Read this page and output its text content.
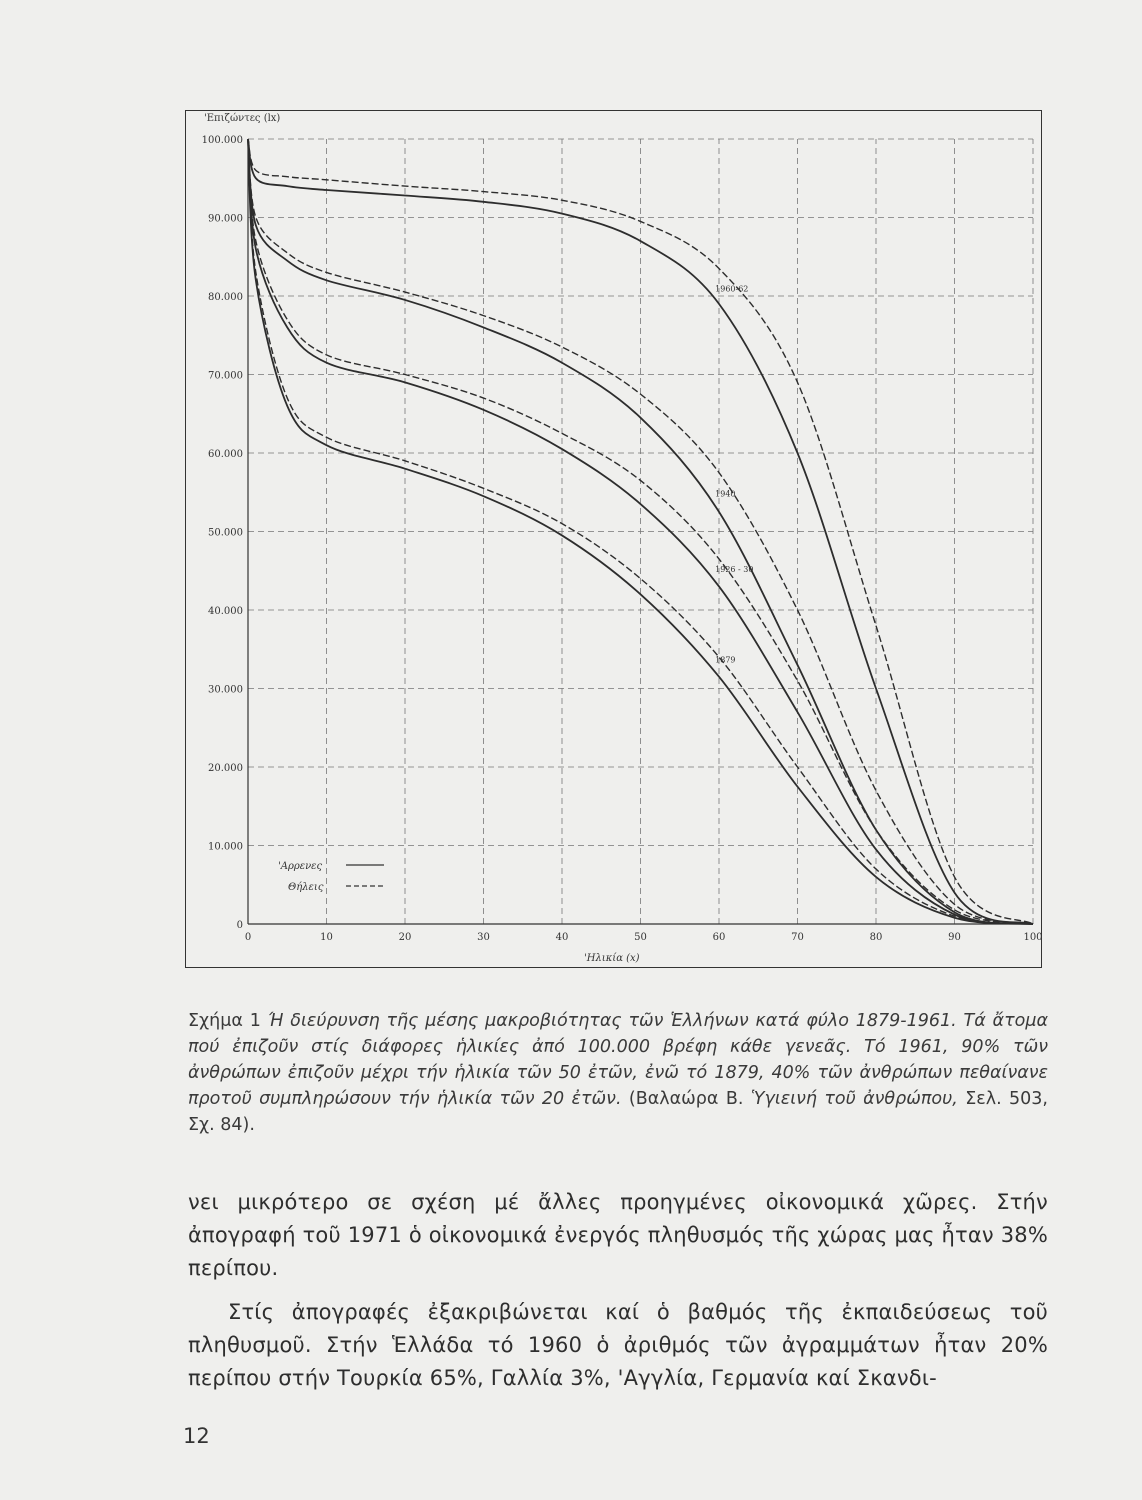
0	10	20	30	40	50	60	70	80	90	100
0
10.000
20.000
30.000
40.000
50.000
60.000
70.000
80.000
90.000
100.000
1960-62
1940
1926 - 30
1879
'Επιζώντες (lx)
'Ηλικία (x)
'Αρρενες
Θήλεις
Σχήμα 1 Ή διεύρυνση τῆς μέσης μακροβιότητας τῶν Ἑλλήνων κατά φύλο 1879-1961. Τά ἄτομα πού ἐπιζοῦν στίς διάφορες ἡλικίες ἀπό 100.000 βρέφη κάθε γενεᾶς. Τό 1961, 90% τῶν ἀνθρώπων ἐπιζοῦν μέχρι τήν ἡλικία τῶν 50 ἐτῶν, ἐνῶ τό 1879, 40% τῶν ἀνθρώπων πεθαίνανε προτοῦ συμπληρώσουν τήν ἡλικία τῶν 20 ἐτῶν. (Βαλαώρα Β. Ὑγιεινή τοῦ ἀνθρώπου, Σελ. 503, Σχ. 84).
νει μικρότερο σε σχέση μέ ἄλλες προηγμένες οἰκονομικά χῶρες. Στήν ἀπογραφή τοῦ 1971 ὁ οἰκονομικά ἐνεργός πληθυσμός τῆς χώρας μας ἦταν 38% περίπου.
Στίς ἀπογραφές ἐξακριβώνεται καί ὁ βαθμός τῆς ἐκπαιδεύσεως τοῦ πληθυσμοῦ. Στήν Ἑλλάδα τό 1960 ὁ ἀριθμός τῶν ἀγραμμάτων ἦταν 20% περίπου στήν Τουρκία 65%, Γαλλία 3%, 'Αγγλία, Γερμανία καί Σκανδι-
12
